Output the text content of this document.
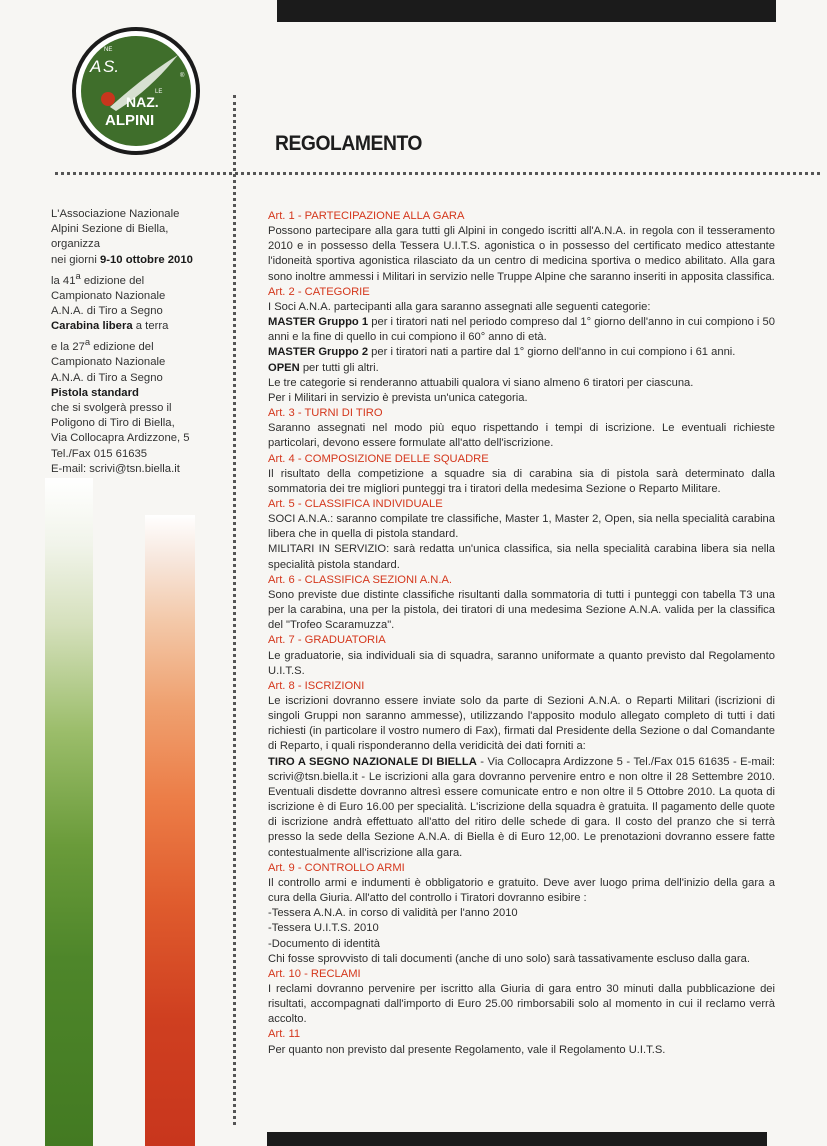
A S.
NE
NAZ.
LE
ALPINI
®
REGOLAMENTO
L'Associazione Nazionale
Alpini Sezione di Biella,
organizza
nei giorni 9-10 ottobre 2010
la 41$^a$ edizione del
Campionato Nazionale
A.N.A. di Tiro a Segno
Carabina libera a terra
e la 27$^a$ edizione del
Campionato Nazionale
A.N.A. di Tiro a Segno
Pistola standard
che si svolgerà presso il
Poligono di Tiro di Biella,
Via Collocapra Ardizzone, 5
Tel./Fax 015 61635
E-mail: scrivi@tsn.biella.it
Art. 1 - PARTECIPAZIONE ALLA GARA

Possono partecipare alla gara tutti gli Alpini in congedo iscritti all'A.N.A. in regola con il tesseramento 2010 e in possesso della Tessera U.I.T.S. agonistica o in possesso del certificato medico attestante l'idoneità sportiva agonistica rilasciato da un centro di medicina sportiva o medico abilitato. Alla gara sono inoltre ammessi i Militari in servizio nelle Truppe Alpine che saranno inseriti in apposita classifica.

Art. 2 - CATEGORIE

I Soci A.N.A. partecipanti alla gara saranno assegnati alle seguenti categorie:

MASTER Gruppo 1 per i tiratori nati nel periodo compreso dal 1° giorno dell'anno in cui compiono i 50 anni e la fine di quello in cui compiono il 60° anno di età.

MASTER Gruppo 2 per i tiratori nati a partire dal 1° giorno dell'anno in cui compiono i 61 anni.

OPEN per tutti gli altri.

Le tre categorie si renderanno attuabili qualora vi siano almeno 6 tiratori per ciascuna.

Per i Militari in servizio è prevista un'unica categoria.

Art. 3 - TURNI DI TIRO

Saranno assegnati nel modo più equo rispettando i tempi di iscrizione. Le eventuali richieste particolari, devono essere formulate all'atto dell'iscrizione.

Art. 4 - COMPOSIZIONE DELLE SQUADRE

Il risultato della competizione a squadre sia di carabina sia di pistola sarà determinato dalla sommatoria dei tre migliori punteggi tra i tiratori della medesima Sezione o Reparto Militare.

Art. 5 - CLASSIFICA INDIVIDUALE

SOCI A.N.A.: saranno compilate tre classifiche, Master 1, Master 2, Open, sia nella specialità carabina libera che in quella di pistola standard.

MILITARI IN SERVIZIO: sarà redatta un'unica classifica, sia nella specialità carabina libera sia nella specialità pistola standard.

Art. 6 - CLASSIFICA SEZIONI A.N.A.

Sono previste due distinte classifiche risultanti dalla sommatoria di tutti i punteggi con tabella T3 una per la carabina, una per la pistola, dei tiratori di una medesima Sezione A.N.A. valida per la classifica del "Trofeo Scaramuzza".

Art. 7 - GRADUATORIA

Le graduatorie, sia individuali sia di squadra, saranno uniformate a quanto previsto dal Regolamento U.I.T.S.

Art. 8 - ISCRIZIONI

Le iscrizioni dovranno essere inviate solo da parte di Sezioni A.N.A. o Reparti Militari (iscrizioni di singoli Gruppi non saranno ammesse), utilizzando l'apposito modulo allegato completo di tutti i dati richiesti (in particolare il vostro numero di Fax), firmati dal Presidente della Sezione o dal Comandante di Reparto, i quali risponderanno della veridicità dei dati forniti a:

TIRO A SEGNO NAZIONALE DI BIELLA - Via Collocapra Ardizzone 5 - Tel./Fax 015 61635 - E-mail: scrivi@tsn.biella.it - Le iscrizioni alla gara dovranno pervenire entro e non oltre il 28 Settembre 2010. Eventuali disdette dovranno altresì essere comunicate entro e non oltre il 5 Ottobre 2010. La quota di iscrizione è di Euro 16.00 per specialità. L'iscrizione della squadra è gratuita. Il pagamento delle quote di iscrizione andrà effettuato all'atto del ritiro delle schede di gara. Il costo del pranzo che si terrà presso la sede della Sezione A.N.A. di Biella è di Euro 12,00. Le prenotazioni dovranno essere fatte contestualmente all'iscrizione alla gara.

Art. 9 - CONTROLLO ARMI

Il controllo armi e indumenti è obbligatorio e gratuito. Deve aver luogo prima dell'inizio della gara a cura della Giuria. All'atto del controllo i Tiratori dovranno esibire :

-Tessera A.N.A. in corso di validità per l'anno 2010

-Tessera U.I.T.S. 2010

-Documento di identità

Chi fosse sprovvisto di tali documenti (anche di uno solo) sarà tassativamente escluso dalla gara.

Art. 10 - RECLAMI

I reclami dovranno pervenire per iscritto alla Giuria di gara entro 30 minuti dalla pubblicazione dei risultati, accompagnati dall'importo di Euro 25.00 rimborsabili solo al momento in cui il reclamo verrà accolto.

Art. 11

Per quanto non previsto dal presente Regolamento, vale il Regolamento U.I.T.S.
